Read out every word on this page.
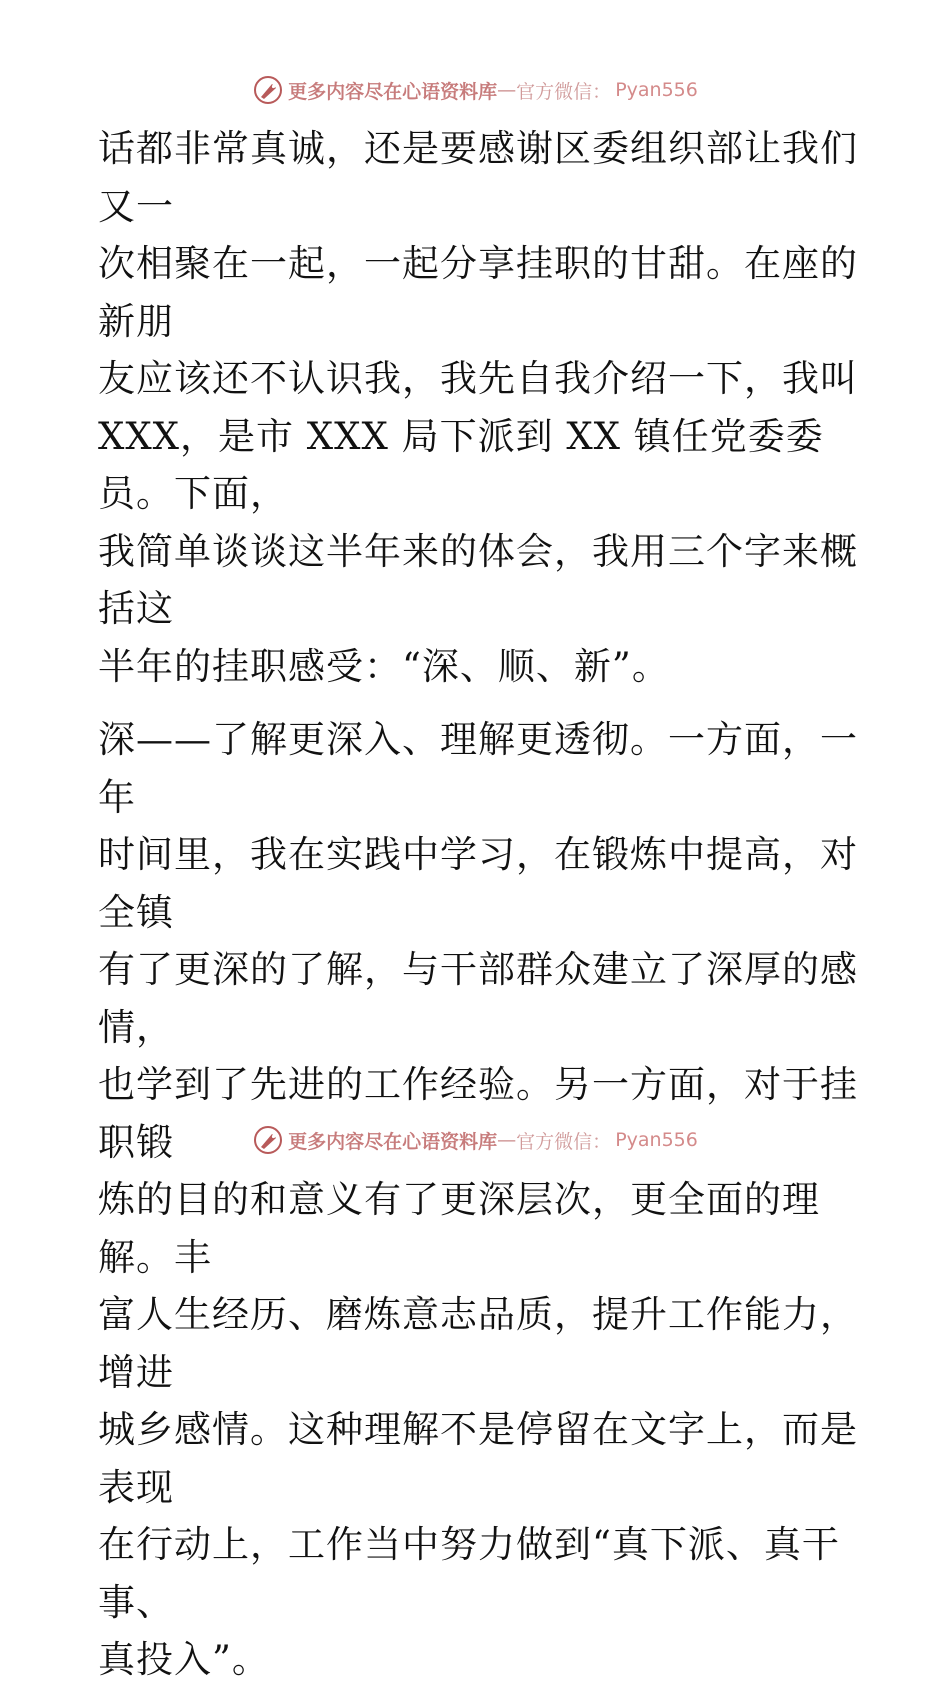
更多内容尽在心语资料库 — 官方微信： Pyan556

话都非常真诚，还是要感谢区委组织部让我们又一
次相聚在一起，一起分享挂职的甘甜。在座的新朋
友应该还不认识我，我先自我介绍一下，我叫
XXX，是市 XXX 局下派到 XX 镇任党委委员。下面，
我简单谈谈这半年来的体会，我用三个字来概括这
半年的挂职感受：“深、顺、新”。

深——了解更深入、理解更透彻。一方面，一年
时间里，我在实践中学习，在锻炼中提高，对全镇
有了更深的了解，与干部群众建立了深厚的感情，
也学到了先进的工作经验。另一方面，对于挂职锻
炼的目的和意义有了更深层次，更全面的理解。丰
富人生经历、磨炼意志品质，提升工作能力，增进
城乡感情。这种理解不是停留在文字上，而是表现
在行动上，工作当中努力做到“真下派、真干事、
真投入”。

更多内容尽在心语资料库 — 官方微信： Pyan556
